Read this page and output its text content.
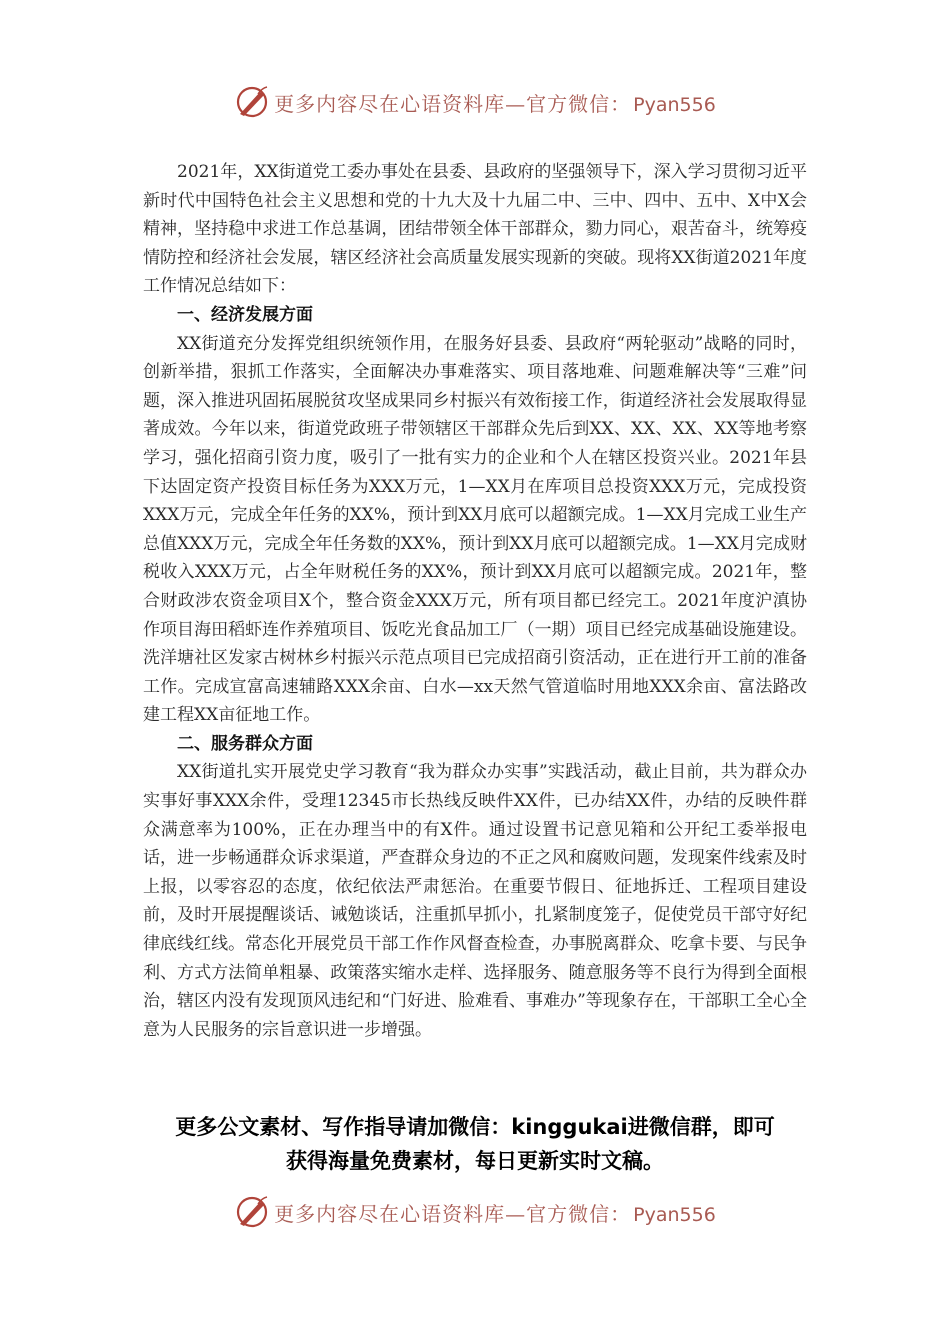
更多内容尽在心语资料库—官方微信： Pyan556

2021年，XX街道党工委办事处在县委、县政府的坚强领导下，深入学习贯彻习近平新时代中国特色社会主义思想和党的十九大及十九届二中、三中、四中、五中、X中X会精神，坚持稳中求进工作总基调，团结带领全体干部群众，勠力同心，艰苦奋斗，统筹疫情防控和经济社会发展，辖区经济社会高质量发展实现新的突破。现将XX街道2021年度工作情况总结如下：

一、经济发展方面

XX街道充分发挥党组织统领作用，在服务好县委、县政府“两轮驱动”战略的同时，创新举措，狠抓工作落实，全面解决办事难落实、项目落地难、问题难解决等“三难”问题，深入推进巩固拓展脱贫攻坚成果同乡村振兴有效衔接工作，街道经济社会发展取得显著成效。今年以来，街道党政班子带领辖区干部群众先后到XX、XX、XX、XX等地考察学习，强化招商引资力度，吸引了一批有实力的企业和个人在辖区投资兴业。2021年县下达固定资产投资目标任务为XXX万元，1—XX月在库项目总投资XXX万元，完成投资XXX万元，完成全年任务的XX%，预计到XX月底可以超额完成。1—XX月完成工业生产总值XXX万元，完成全年任务数的XX%，预计到XX月底可以超额完成。1—XX月完成财税收入XXX万元，占全年财税任务的XX%，预计到XX月底可以超额完成。2021年，整合财政涉农资金项目X个，整合资金XXX万元，所有项目都已经完工。2021年度沪滇协作项目海田稻虾连作养殖项目、饭吃光食品加工厂（一期）项目已经完成基础设施建设。洗洋塘社区发家古树林乡村振兴示范点项目已完成招商引资活动，正在进行开工前的准备工作。完成宣富高速辅路XXX余亩、白水—xx天然气管道临时用地XXX余亩、富法路改建工程XX亩征地工作。

二、服务群众方面

XX街道扎实开展党史学习教育“我为群众办实事”实践活动，截止目前，共为群众办实事好事XXX余件，受理12345市长热线反映件XX件，已办结XX件，办结的反映件群众满意率为100%，正在办理当中的有X件。通过设置书记意见箱和公开纪工委举报电话，进一步畅通群众诉求渠道，严查群众身边的不正之风和腐败问题，发现案件线索及时上报，以零容忍的态度，依纪依法严肃惩治。在重要节假日、征地拆迁、工程项目建设前，及时开展提醒谈话、诫勉谈话，注重抓早抓小，扎紧制度笼子，促使党员干部守好纪律底线红线。常态化开展党员干部工作作风督查检查，办事脱离群众、吃拿卡要、与民争利、方式方法简单粗暴、政策落实缩水走样、选择服务、随意服务等不良行为得到全面根治，辖区内没有发现顶风违纪和“门好进、脸难看、事难办”等现象存在，干部职工全心全意为人民服务的宗旨意识进一步增强。

更多公文素材、写作指导请加微信：kinggukai进微信群，即可
获得海量免费素材，每日更新实时文稿。
更多内容尽在心语资料库—官方微信： Pyan556
